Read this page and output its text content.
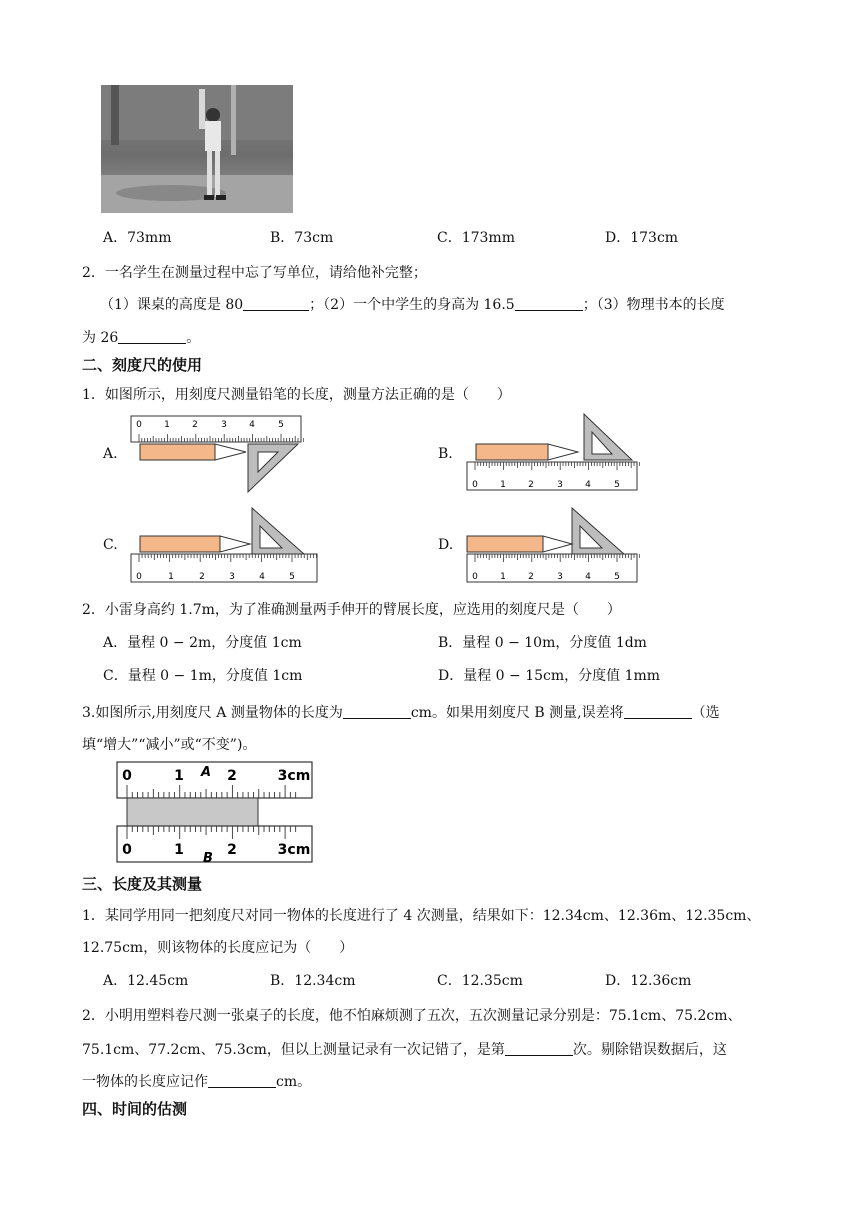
A．73mm	B．73cm	C．173mm	D．173cm
2．一名学生在测量过程中忘了写单位，请给他补完整；
（1）课桌的高度是 80	；（2）一个中学生的身高为 16.5	；（3）物理书本的长度
为 26	。
二、刻度尺的使用
1．如图所示，用刻度尺测量铅笔的长度，测量方法正确的是（　　）
A.
0 1 2	3 4	5
B.
0 1 2	3 4	5
C.
0	1	2	3	4	5
D.
0 1 2	3 4	5
2．小雷身高约 1.7m，为了准确测量两手伸开的臂展长度，应选用的刻度尺是（　　）
A．量程 0 − 2m，分度值 1cm	B．量程 0 − 10m，分度值 1dm
C．量程 0 − 1m，分度值 1cm	D．量程 0 − 15cm，分度值 1mm
3.如图所示,用刻度尺 A 测量物体的长度为	cm。如果用刻度尺 B 测量,误差将	（选
填“增大”“减小”或“不变”)。
0	1	2	3cm
A
0	1	2	3cm
B
三、长度及其测量
1．某同学用同一把刻度尺对同一物体的长度进行了 4 次测量，结果如下：12.34cm、12.36m、12.35cm、
12.75cm，则该物体的长度应记为（　　）
A．12.45cm	B．12.34cm	C．12.35cm	D．12.36cm
2．小明用塑料卷尺测一张桌子的长度，他不怕麻烦测了五次，五次测量记录分别是：75.1cm、75.2cm、
75.1cm、77.2cm、75.3cm，但以上测量记录有一次记错了，是第	次。剔除错误数据后，这
一物体的长度应记作	cm。
四、时间的估测
